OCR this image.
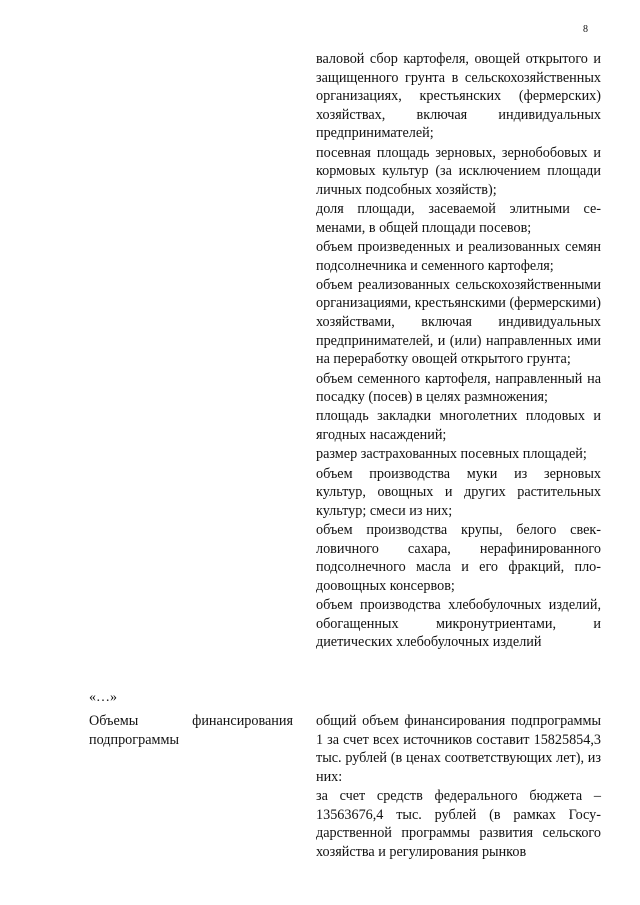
8

валовой сбор картофеля, овощей открытого и защищенного грунта в сельскохозяйственных организациях, крестьянских (фермерских) хозяйствах, включая индивидуальных предпринимателей;

посевная площадь зерновых, зернобобовых и кормовых культур (за исключением площади личных подсобных хозяйств);

доля площади, засеваемой элитными семенами, в общей площади посевов;

объем произведенных и реализованных семян подсолнечника и семенного картофеля;

объем реализованных сельскохозяйственными организациями, крестьянскими (фермерскими) хозяйствами, включая индивидуальных предпринимателей, и (или) направленных ими на переработку овощей открытого грунта;

объем семенного картофеля, направленный на посадку (посев) в целях размножения;

площадь закладки многолетних плодовых и ягодных насаждений;

размер застрахованных посевных площадей;

объем производства муки из зерновых культур, овощных и других растительных культур; смеси из них;

объем производства крупы, белого свекловичного сахара, нерафинированного подсолнечного масла и его фракций, плодоовощных консервов;

объем производства хлебобулочных изделий, обогащенных микронутриентами, и диетических хлебобулочных изделий

«…»
Объемы финансирования
подпрограммы

общий объем финансирования подпрограммы 1 за счет всех источников составит 15825854,3 тыс. рублей (в ценах соответствующих лет), из них:

за счет средств федерального бюджета – 13563676,4 тыс. рублей (в рамках Государственной программы развития сельского хозяйства и регулирования рынков
